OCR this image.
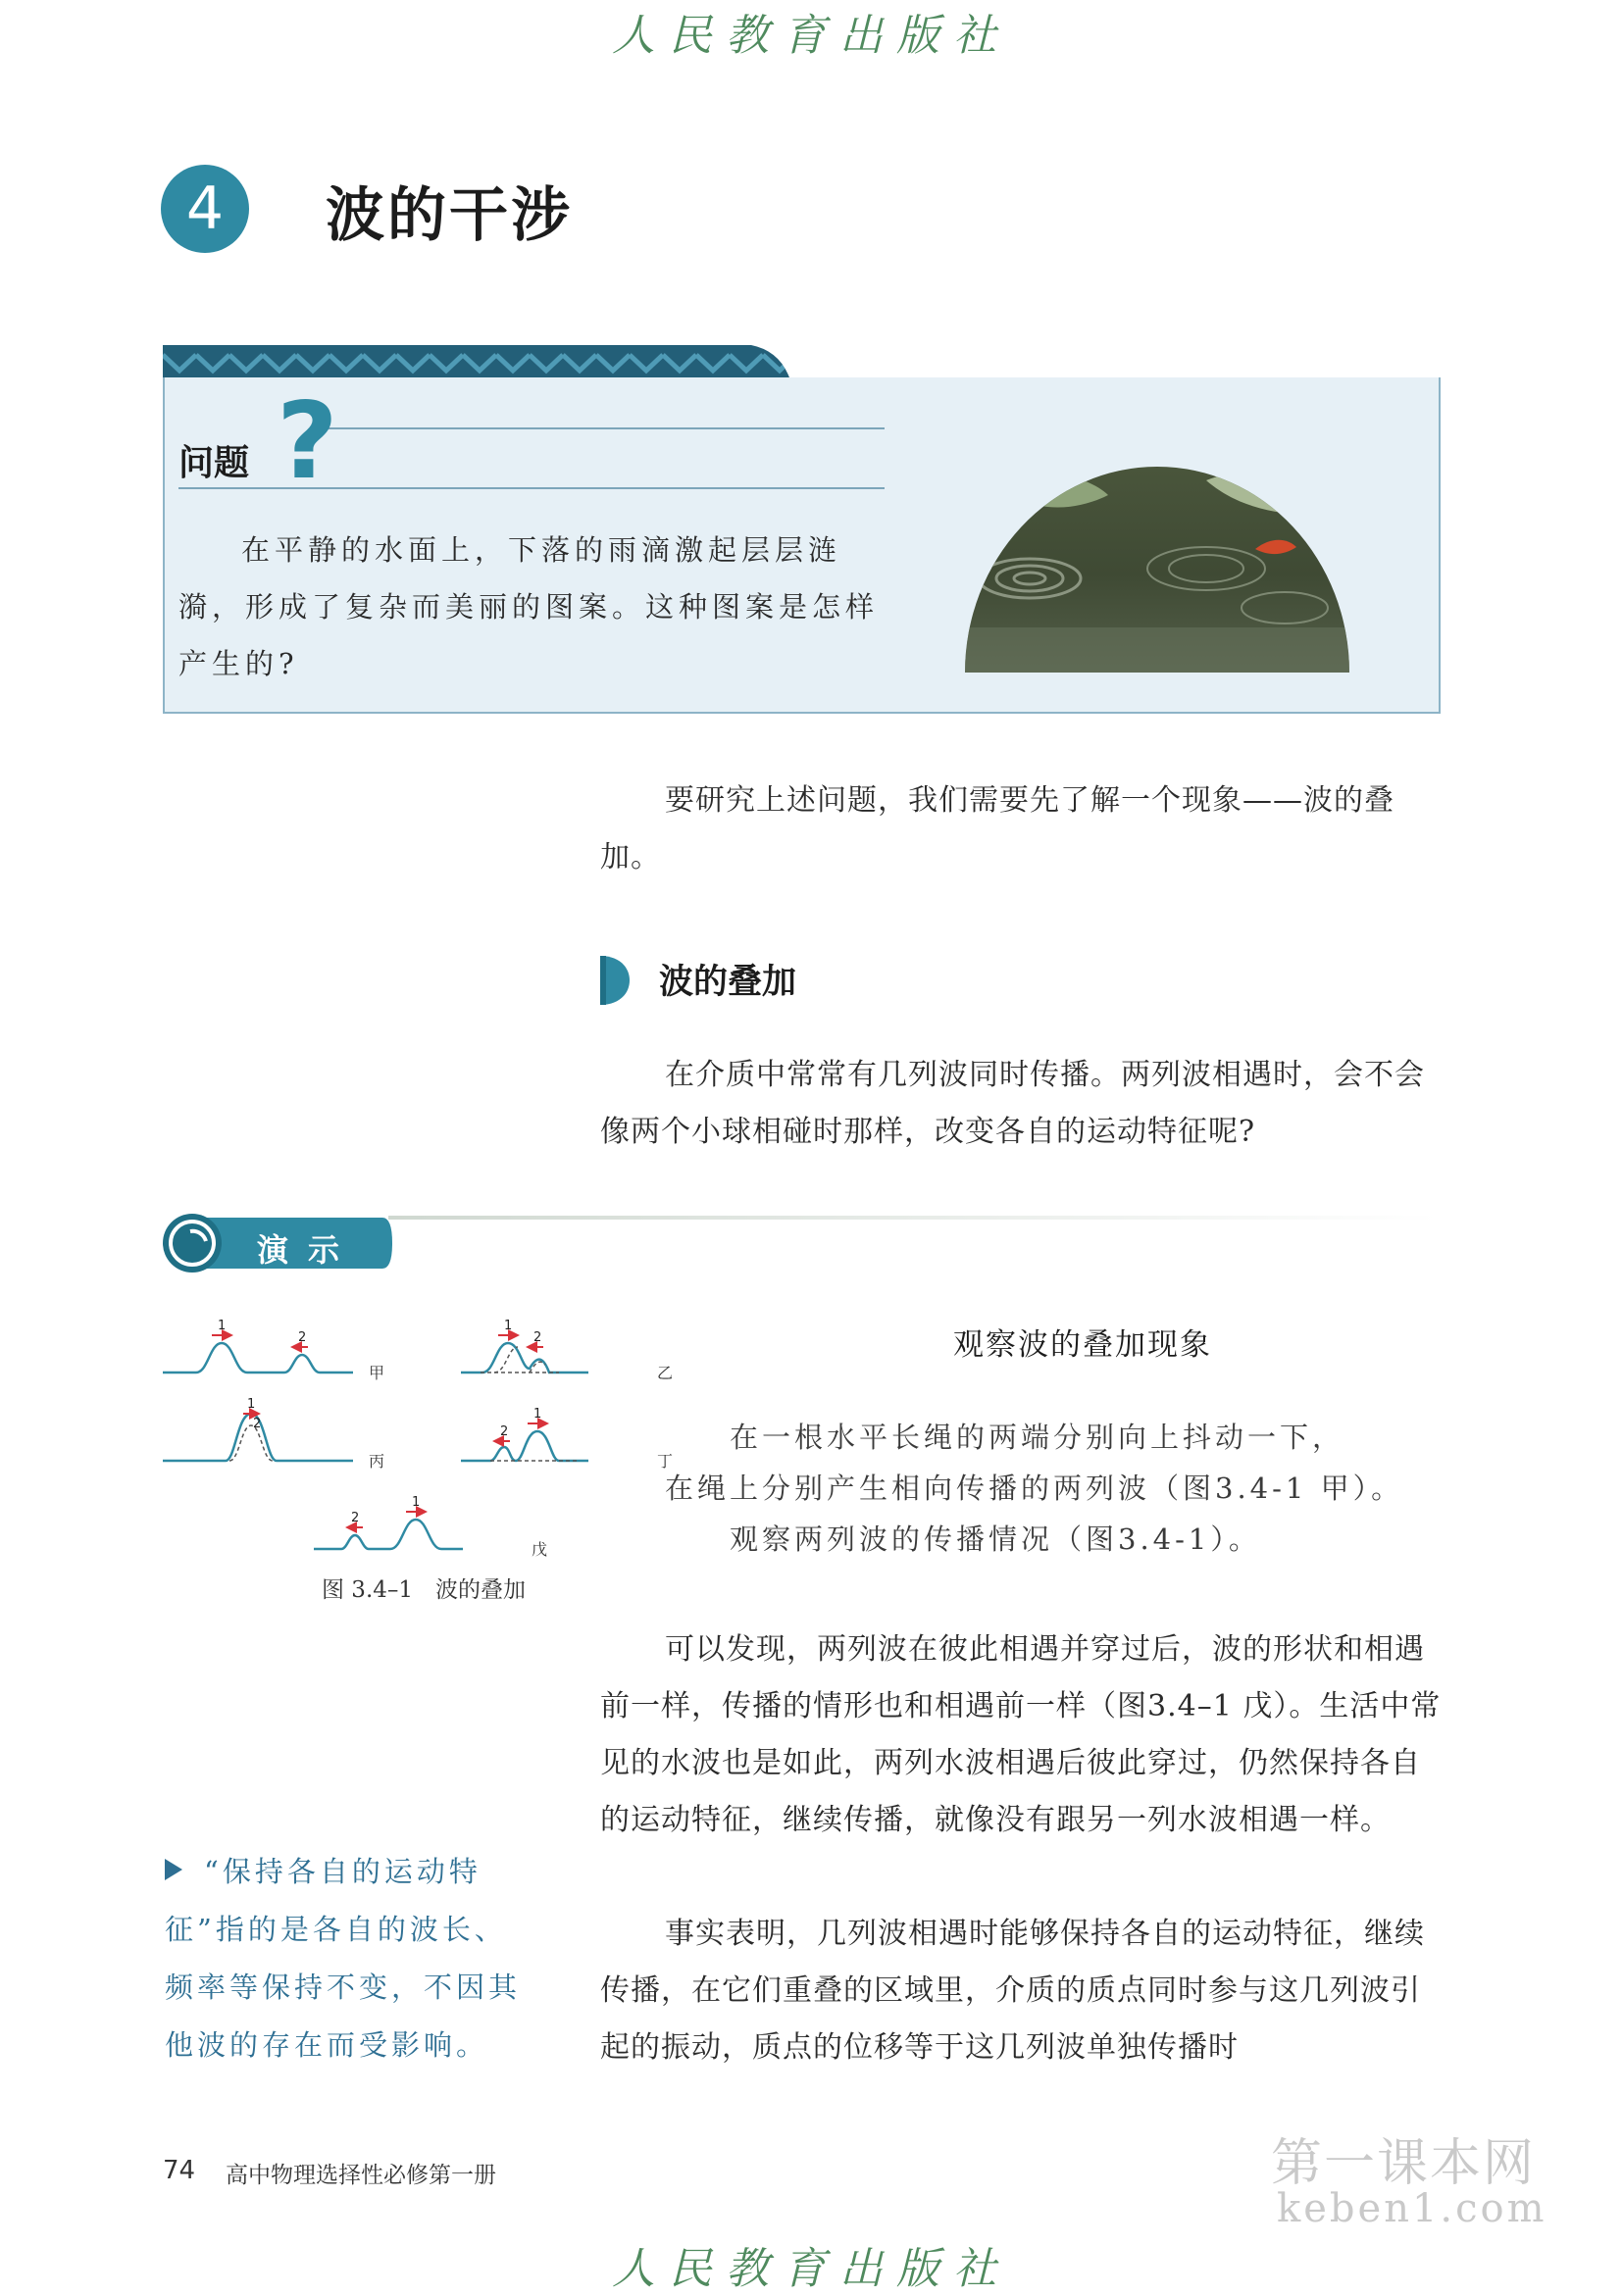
人民教育出版社
4	波的干涉
问题 ?

在平静的水面上，下落的雨滴激起层层涟漪，形成了复杂而美丽的图案。这种图案是怎样产生的?

要研究上述问题，我们需要先了解一个现象——波的叠加。

波的叠加

在介质中常常有几列波同时传播。两列波相遇时，会不会像两个小球相碰时那样，改变各自的运动特征呢?

演示
观察波的叠加现象

在一根水平长绳的两端分别向上抖动一下，
在绳上分别产生相向传播的两列波（图3.4-1 甲）。
观察两列波的传播情况（图3.4-1）。

1
2
1
2
1
2
2
1
2
1
甲	乙
丙	丁
戊
图 3.4–1　波的叠加

可以发现，两列波在彼此相遇并穿过后，波的形状和相遇前一样，传播的情形也和相遇前一样（图3.4–1 戊）。生活中常见的水波也是如此，两列水波相遇后彼此穿过，仍然保持各自的运动特征，继续传播，就像没有跟另一列水波相遇一样。

事实表明，几列波相遇时能够保持各自的运动特征，继续传播，在它们重叠的区域里，介质的质点同时参与这几列波引起的振动，质点的位移等于这几列波单独传播时

“保持各自的运动特征”指的是各自的波长、频率等保持不变，不因其他波的存在而受影响。

74 高中物理选择性必修第一册	第一课本网
keben1.com
人民教育出版社
